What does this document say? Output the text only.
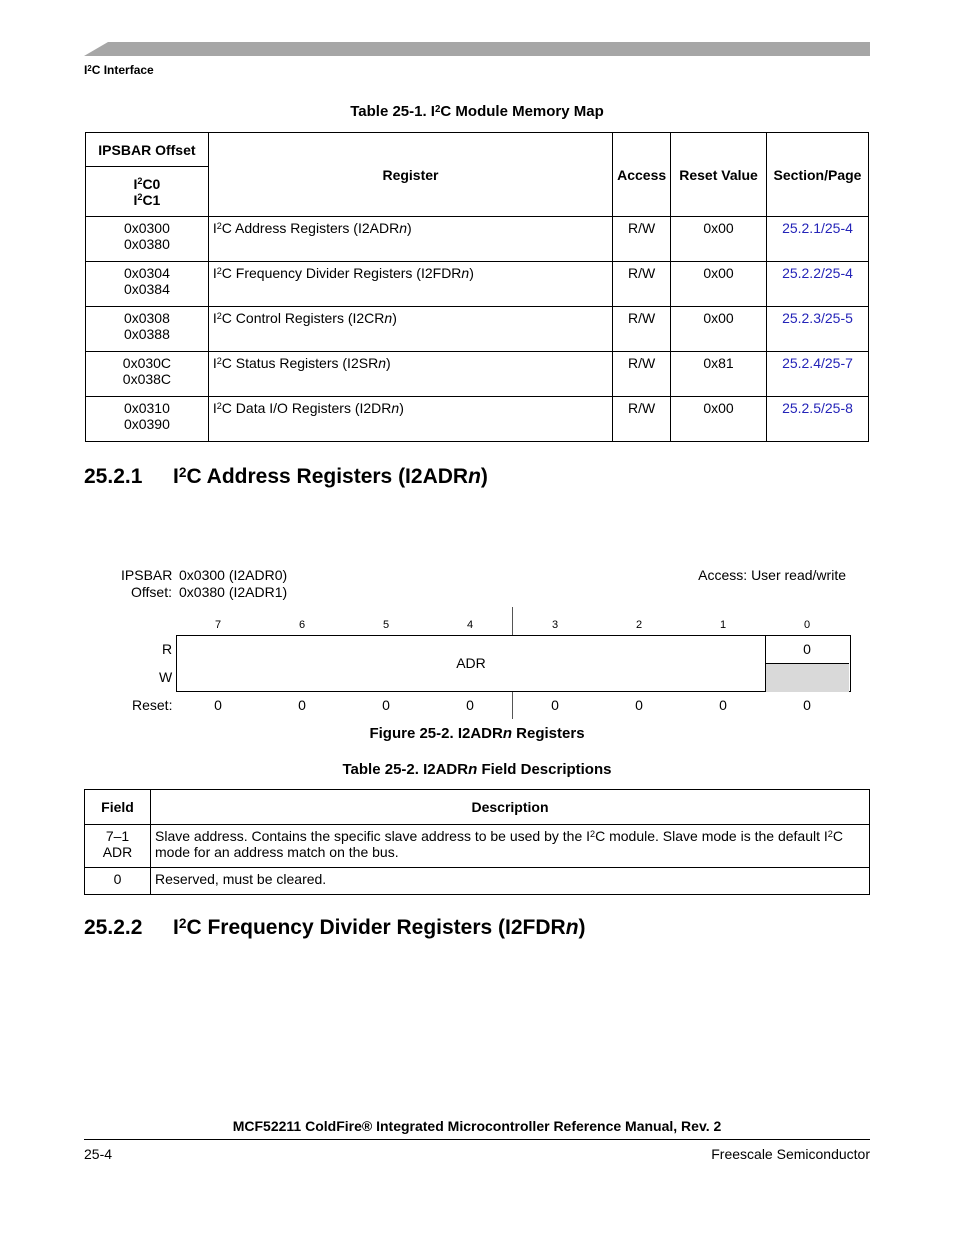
$I^2C$ Interface
Table 25-1. $I^2C$ Module Memory Map
IPSBAR Offset	Register	Access	Reset Value	Section/Page

$I^2C0$
$I^2C1$				

0x0300
0x0380	$I^2C$ Address Registers (I2ADRn)	R/W	0x00	25.2.1/25-4

0x0304
0x0384	$I^2C$ Frequency Divider Registers (I2FDRn)	R/W	0x00	25.2.2/25-4

0x0308
0x0388	$I^2C$ Control Registers (I2CRn)	R/W	0x00	25.2.3/25-5

0x030C
0x038C	$I^2C$ Status Registers (I2SRn)	R/W	0x81	25.2.4/25-7

0x0310
0x0390	$I^2C$ Data I/O Registers (I2DRn)	R/W	0x00	25.2.5/25-8
25.2.1 $I^2C$ Address Registers (I2ADRn)
IPSBAR
Offset:
0x0300 (I2ADR0)
0x0380 (I2ADR1)
Access: User read/write
7	6	5	4	3	2	1	0
R
W
ADR
0
Reset:	0	0	0	0	0	0	0	0
Figure 25-2. I2ADRn Registers
Table 25-2. I2ADRn Field Descriptions
Field	Description

7–1
ADR	Slave address. Contains the specific slave address to be used by the $I^2C$ module. Slave mode is the default $I^2C$ mode for an address match on the bus.
0	Reserved, must be cleared.
25.2.2 $I^2C$ Frequency Divider Registers (I2FDRn)
MCF52211 ColdFire® Integrated Microcontroller Reference Manual, Rev. 2
25-4	Freescale Semiconductor
